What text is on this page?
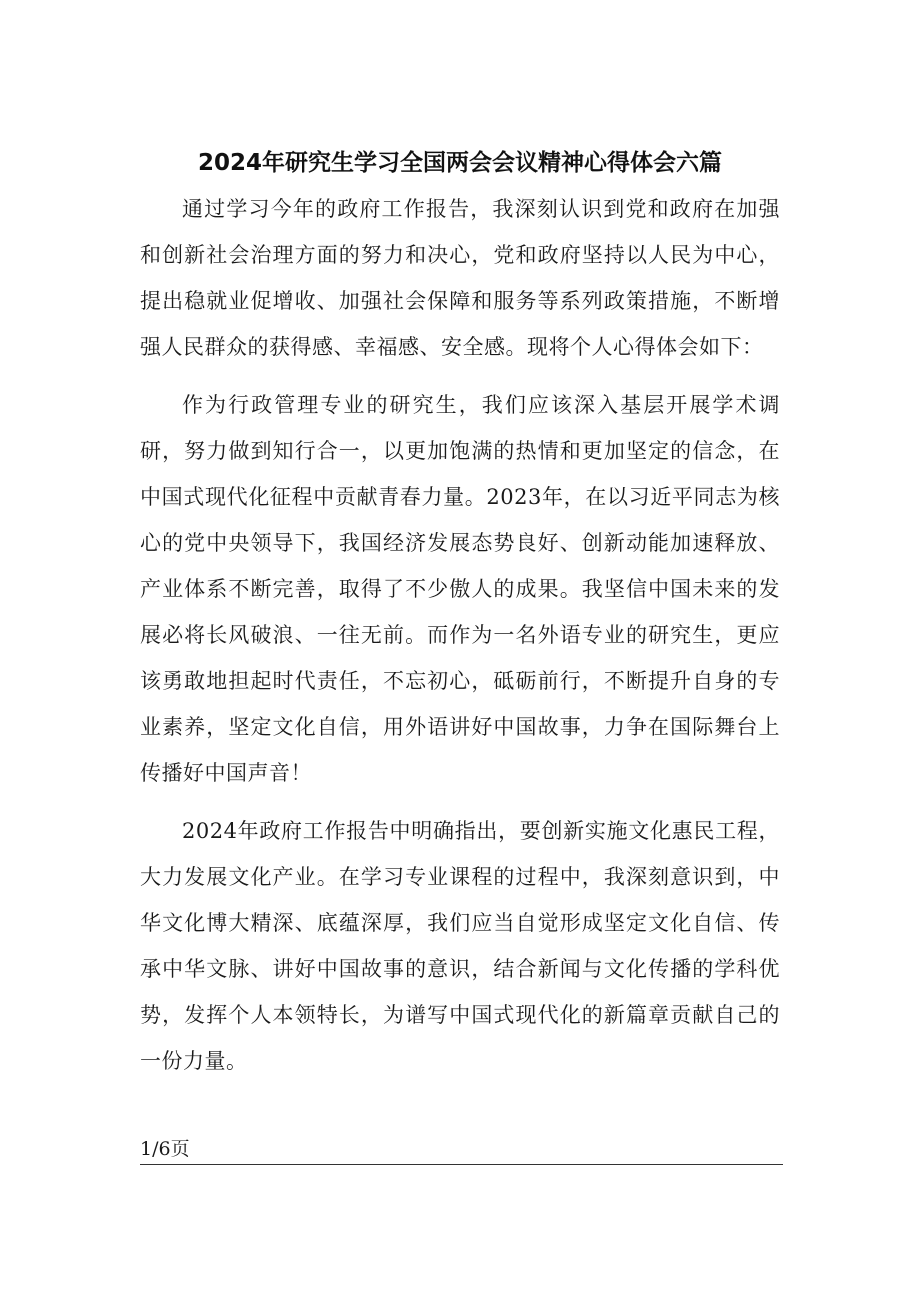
2024年研究生学习全国两会会议精神心得体会六篇

通过学习今年的政府工作报告，我深刻认识到党和政府在加强和创新社会治理方面的努力和决心，党和政府坚持以人民为中心，提出稳就业促增收、加强社会保障和服务等系列政策措施，不断增强人民群众的获得感、幸福感、安全感。现将个人心得体会如下：

作为行政管理专业的研究生，我们应该深入基层开展学术调研，努力做到知行合一，以更加饱满的热情和更加坚定的信念，在中国式现代化征程中贡献青春力量。2023年，在以习近平同志为核心的党中央领导下，我国经济发展态势良好、创新动能加速释放、产业体系不断完善，取得了不少傲人的成果。我坚信中国未来的发展必将长风破浪、一往无前。而作为一名外语专业的研究生，更应该勇敢地担起时代责任，不忘初心，砥砺前行，不断提升自身的专业素养，坚定文化自信，用外语讲好中国故事，力争在国际舞台上传播好中国声音！

2024年政府工作报告中明确指出，要创新实施文化惠民工程，大力发展文化产业。在学习专业课程的过程中，我深刻意识到，中华文化博大精深、底蕴深厚，我们应当自觉形成坚定文化自信、传承中华文脉、讲好中国故事的意识，结合新闻与文化传播的学科优势，发挥个人本领特长，为谱写中国式现代化的新篇章贡献自己的一份力量。

1/6页
